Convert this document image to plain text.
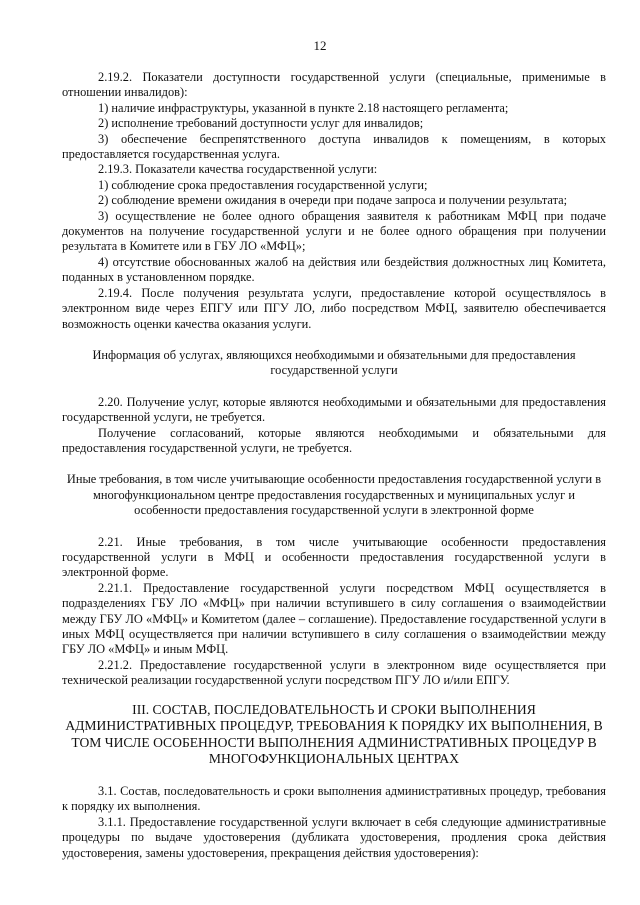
12

2.19.2. Показатели доступности государственной услуги (специальные, применимые в отношении инвалидов):

1) наличие инфраструктуры, указанной в пункте 2.18 настоящего регламента;

2) исполнение требований доступности услуг для инвалидов;

3) обеспечение беспрепятственного доступа инвалидов к помещениям, в которых предоставляется государственная услуга.

2.19.3. Показатели качества государственной услуги:

1) соблюдение срока предоставления государственной услуги;

2) соблюдение времени ожидания в очереди при подаче запроса и получении результата;

3) осуществление не более одного обращения заявителя к работникам МФЦ при подаче документов на получение государственной услуги и не более одного обращения при получении результата в Комитете или в ГБУ ЛО «МФЦ»;

4) отсутствие обоснованных жалоб на действия или бездействия должностных лиц Комитета, поданных в установленном порядке.

2.19.4. После получения результата услуги, предоставление которой осуществлялось в электронном виде через ЕПГУ или ПГУ ЛО, либо посредством МФЦ, заявителю обеспечивается возможность оценки качества оказания услуги.

Информация об услугах, являющихся необходимыми и обязательными для предоставления государственной услуги

2.20. Получение услуг, которые являются необходимыми и обязательными для предоставления государственной услуги, не требуется.

Получение согласований, которые являются необходимыми и обязательными для предоставления государственной услуги, не требуется.

Иные требования, в том числе учитывающие особенности предоставления государственной услуги в многофункциональном центре предоставления государственных и муниципальных услуг и особенности предоставления государственной услуги в электронной форме

2.21. Иные требования, в том числе учитывающие особенности предоставления государственной услуги в МФЦ и особенности предоставления государственной услуги в электронной форме.

2.21.1. Предоставление государственной услуги посредством МФЦ осуществляется в подразделениях ГБУ ЛО «МФЦ» при наличии вступившего в силу соглашения о взаимодействии между ГБУ ЛО «МФЦ» и Комитетом (далее – соглашение). Предоставление государственной услуги в иных МФЦ осуществляется при наличии вступившего в силу соглашения о взаимодействии между ГБУ ЛО «МФЦ» и иным МФЦ.

2.21.2. Предоставление государственной услуги в электронном виде осуществляется при технической реализации государственной услуги посредством ПГУ ЛО и/или ЕПГУ.

III. СОСТАВ, ПОСЛЕДОВАТЕЛЬНОСТЬ И СРОКИ ВЫПОЛНЕНИЯ АДМИНИСТРАТИВНЫХ ПРОЦЕДУР, ТРЕБОВАНИЯ К ПОРЯДКУ ИХ ВЫПОЛНЕНИЯ, В ТОМ ЧИСЛЕ ОСОБЕННОСТИ ВЫПОЛНЕНИЯ АДМИНИСТРАТИВНЫХ ПРОЦЕДУР В МНОГОФУНКЦИОНАЛЬНЫХ ЦЕНТРАХ

3.1. Состав, последовательность и сроки выполнения административных процедур, требования к порядку их выполнения.

3.1.1. Предоставление государственной услуги включает в себя следующие административные процедуры по выдаче удостоверения (дубликата удостоверения, продления срока действия удостоверения, замены удостоверения, прекращения действия удостоверения):
